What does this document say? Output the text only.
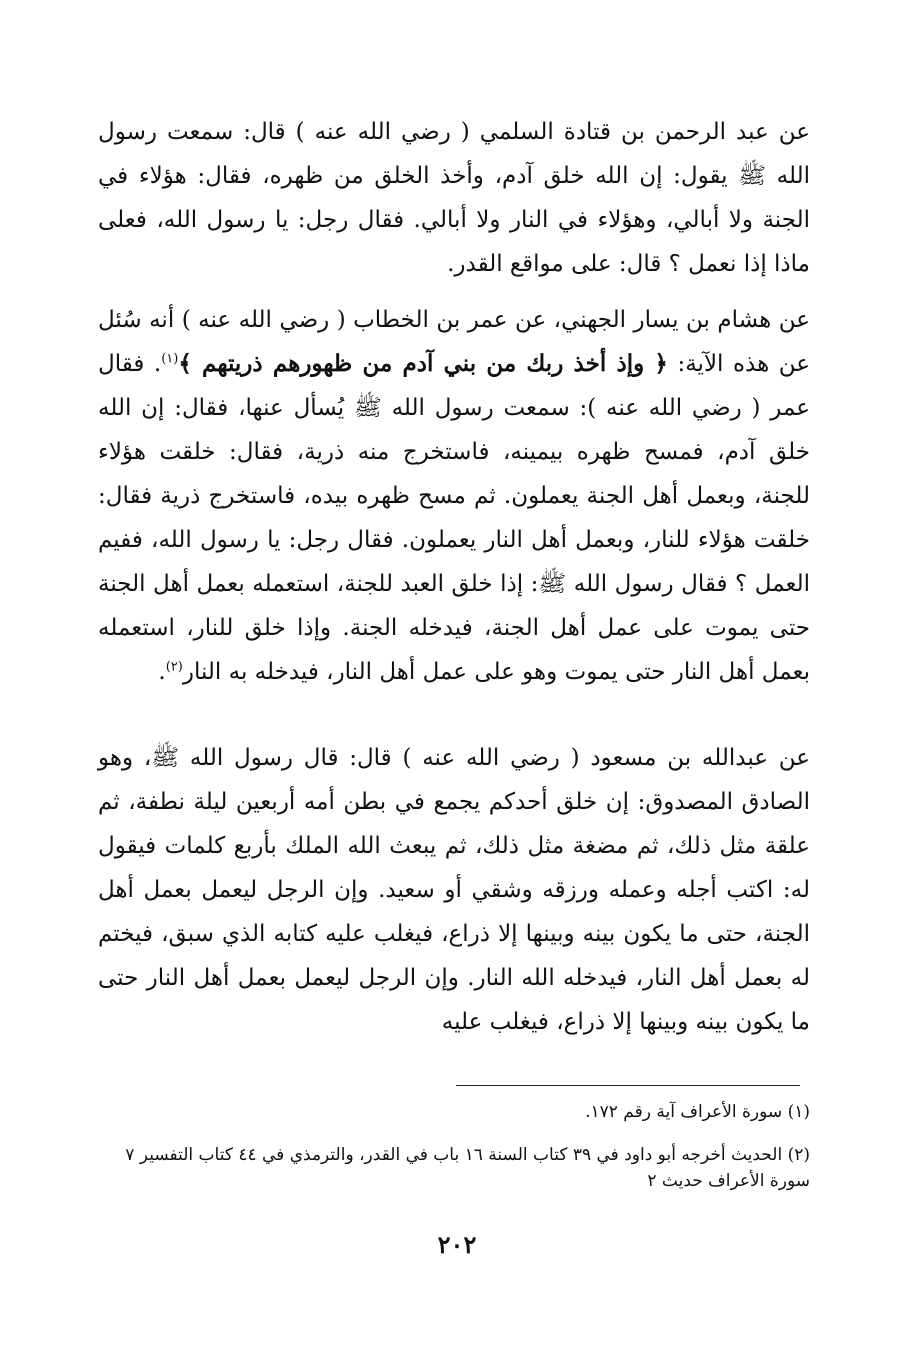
عن عبد الرحمن بن قتادة السلمي ( رضي الله عنه ) قال: سمعت رسول الله ﷺ يقول: إن الله خلق آدم، وأخذ الخلق من ظهره، فقال: هؤلاء في الجنة ولا أبالي، وهؤلاء في النار ولا أبالي. فقال رجل: يا رسول الله، فعلى ماذا إذا نعمل ؟ قال: على مواقع القدر.

عن هشام بن يسار الجهني، عن عمر بن الخطاب ( رضي الله عنه ) أنه سُئل عن هذه الآية: ﴿ وإذ أخذ ربك من بني آدم من ظهورهم ذريتهم ﴾$^{(١)}$. فقال عمر ( رضي الله عنه ): سمعت رسول الله ﷺ يُسأل عنها، فقال: إن الله خلق آدم، فمسح ظهره بيمينه، فاستخرج منه ذرية، فقال: خلقت هؤلاء للجنة، وبعمل أهل الجنة يعملون. ثم مسح ظهره بيده، فاستخرج ذرية فقال: خلقت هؤلاء للنار، وبعمل أهل النار يعملون. فقال رجل: يا رسول الله، ففيم العمل ؟ فقال رسول الله ﷺ: إذا خلق العبد للجنة، استعمله بعمل أهل الجنة حتى يموت على عمل أهل الجنة، فيدخله الجنة. وإذا خلق للنار، استعمله بعمل أهل النار حتى يموت وهو على عمل أهل النار، فيدخله به النار$^{(٢)}$.

عن عبدالله بن مسعود ( رضي الله عنه ) قال: قال رسول الله ﷺ، وهو الصادق المصدوق: إن خلق أحدكم يجمع في بطن أمه أربعين ليلة نطفة، ثم علقة مثل ذلك، ثم مضغة مثل ذلك، ثم يبعث الله الملك بأربع كلمات فيقول له: اكتب أجله وعمله ورزقه وشقي أو سعيد. وإن الرجل ليعمل بعمل أهل الجنة، حتى ما يكون بينه وبينها إلا ذراع، فيغلب عليه كتابه الذي سبق، فيختم له بعمل أهل النار، فيدخله الله النار. وإن الرجل ليعمل بعمل أهل النار حتى ما يكون بينه وبينها إلا ذراع، فيغلب عليه

(١) سورة الأعراف آية رقم ١٧٢.
(٢) الحديث أخرجه أبو داود في ٣٩ كتاب السنة ١٦ باب في القدر، والترمذي في ٤٤ كتاب التفسير ٧ سورة الأعراف حديث ٢
٢٠٢
